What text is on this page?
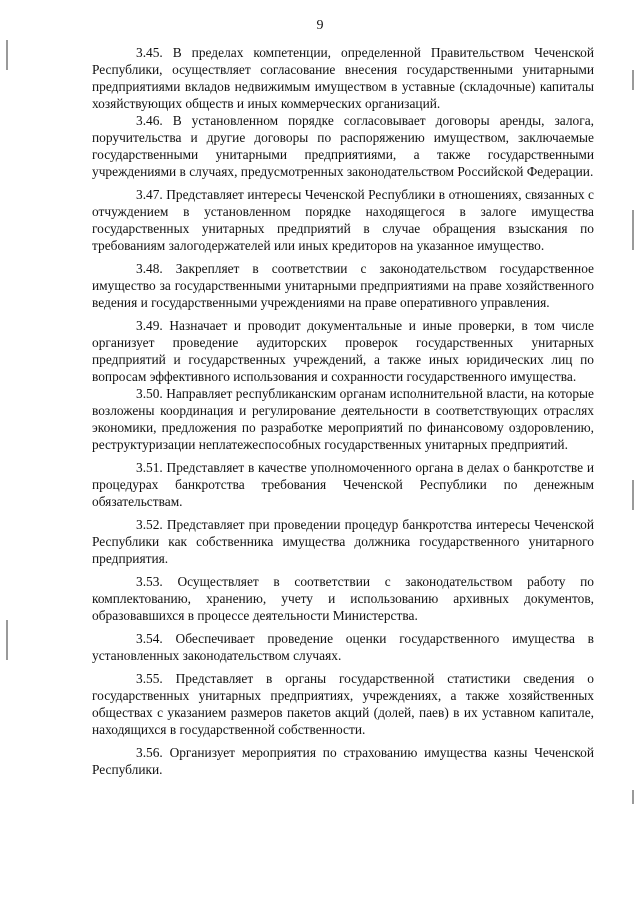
9

3.45. В пределах компетенции, определенной Правительством Чеченской Республики, осуществляет согласование внесения государственными унитарными предприятиями вкладов недвижимым имуществом в уставные (складочные) капиталы хозяйствующих обществ и иных коммерческих организаций.

3.46. В установленном порядке согласовывает договоры аренды, залога, поручительства и другие договоры по распоряжению имуществом, заключаемые государственными унитарными предприятиями, а также государственными учреждениями в случаях, предусмотренных законодательством Российской Федерации.

3.47. Представляет интересы Чеченской Республики в отношениях, связанных с отчуждением в установленном порядке находящегося в залоге имущества государственных унитарных предприятий в случае обращения взыскания по требованиям залогодержателей или иных кредиторов на указанное имущество.

3.48. Закрепляет в соответствии с законодательством государственное имущество за государственными унитарными предприятиями на праве хозяйственного ведения и государственными учреждениями на праве оперативного управления.

3.49. Назначает и проводит документальные и иные проверки, в том числе организует проведение аудиторских проверок государственных унитарных предприятий и государственных учреждений, а также иных юридических лиц по вопросам эффективного использования и сохранности государственного имущества.

3.50. Направляет республиканским органам исполнительной власти, на которые возложены координация и регулирование деятельности в соответствующих отраслях экономики, предложения по разработке мероприятий по финансовому оздоровлению, реструктуризации неплатежеспособных государственных унитарных предприятий.

3.51. Представляет в качестве уполномоченного органа в делах о банкротстве и процедурах банкротства требования Чеченской Республики по денежным обязательствам.

3.52. Представляет при проведении процедур банкротства интересы Чеченской Республики как собственника имущества должника государственного унитарного предприятия.

3.53. Осуществляет в соответствии с законодательством работу по комплектованию, хранению, учету и использованию архивных документов, образовавшихся в процессе деятельности Министерства.

3.54. Обеспечивает проведение оценки государственного имущества в установленных законодательством случаях.

3.55. Представляет в органы государственной статистики сведения о государственных унитарных предприятиях, учреждениях, а также хозяйственных обществах с указанием размеров пакетов акций (долей, паев) в их уставном капитале, находящихся в государственной собственности.

3.56. Организует мероприятия по страхованию имущества казны Чеченской Республики.
